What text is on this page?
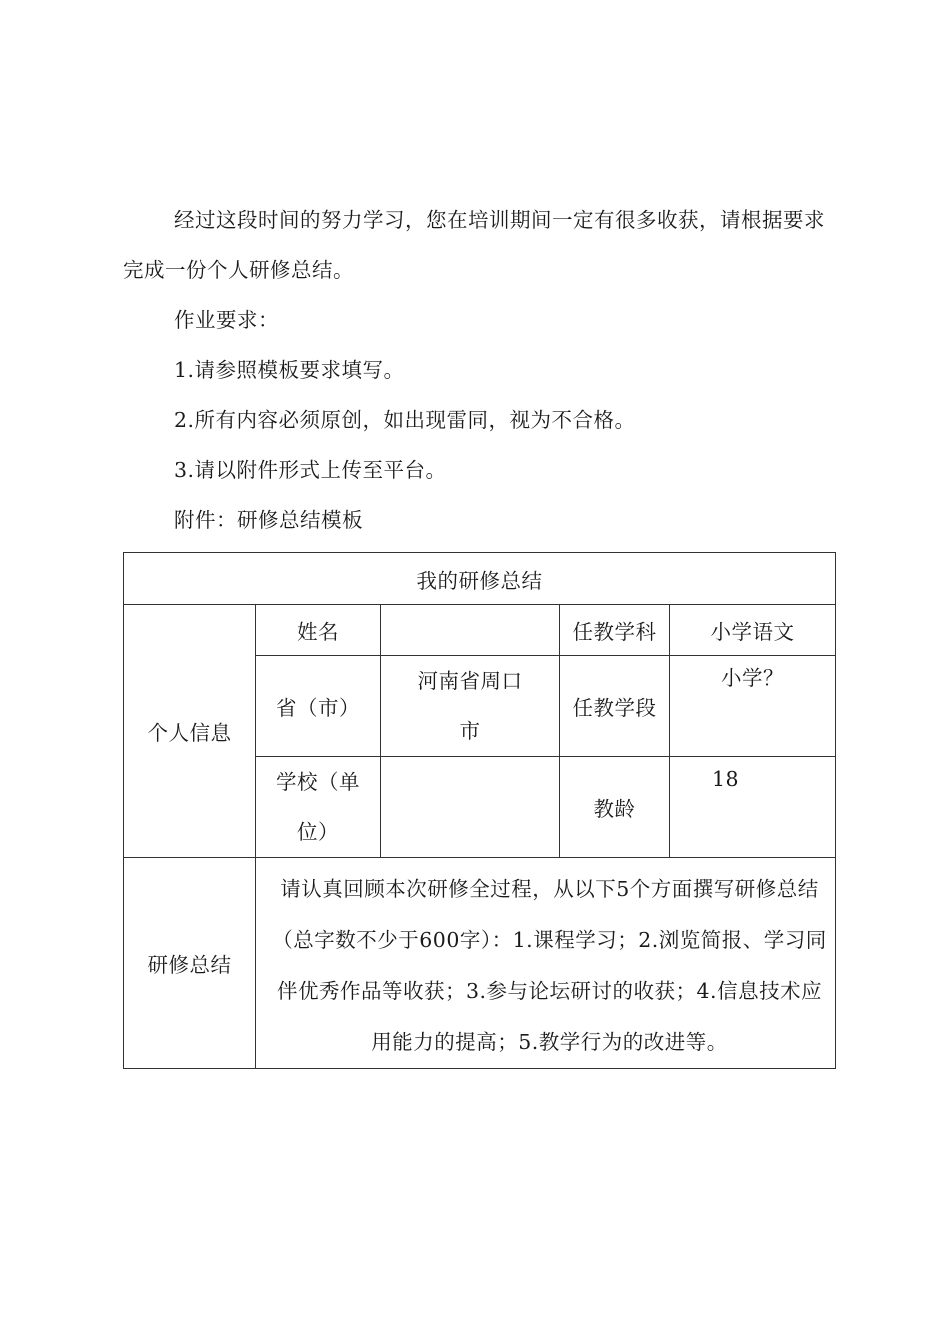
经过这段时间的努力学习，您在培训期间一定有很多收获，请根据要求完成一份个人研修总结。

作业要求：

1.请参照模板要求填写。

2.所有内容必须原创，如出现雷同，视为不合格。

3.请以附件形式上传至平台。

附件：研修总结模板

我的研修总结				
个人信息	姓名		任教学科	小学语文
	省（市）	河南省周口市	任教学段	小学？
	学校（单位）		教龄	18
研修总结	请认真回顾本次研修全过程，从以下5个方面撰写研修总结（总字数不少于600字）：1.课程学习；2.浏览简报、学习同伴优秀作品等收获；3.参与论坛研讨的收获；4.信息技术应用能力的提高；5.教学行为的改进等。			
